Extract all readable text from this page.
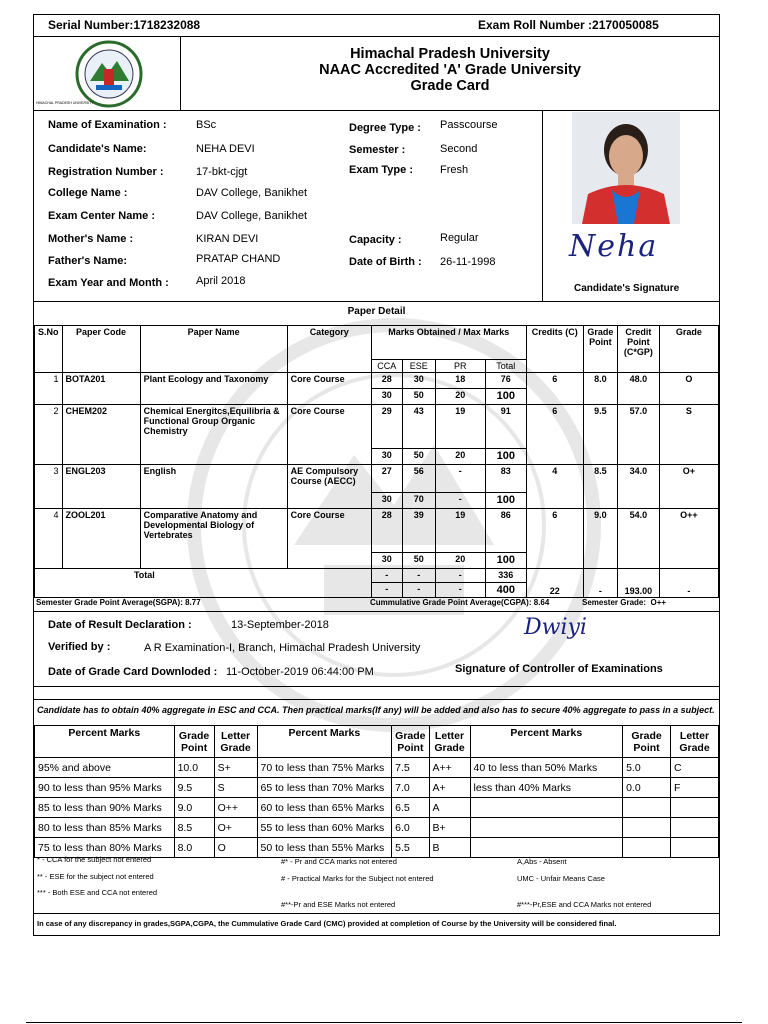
Serial Number:1718232088	Exam Roll Number :2170050085
HIMACHAL PRADESH UNIVERSITY
Himachal Pradesh University
NAAC Accredited 'A' Grade University
Grade Card
Name of Examination :	BSc
Candidate's Name:	NEHA DEVI
Registration Number :	17-bkt-cjgt
College Name :	DAV College, Banikhet
Exam Center Name :	DAV College, Banikhet
Mother's Name :	KIRAN DEVI
Father's Name:	PRATAP CHAND
Exam Year and Month : April 2018
Degree Type : Passcourse
Semester :	Second
Exam Type : Fresh
Capacity :	Regular
Date of Birth : 26-11-1998 Neha
Candidate's Signature
Paper Detail
S.No	Paper Code	Paper Name	Category	Marks Obtained / Max Marks				Credits (C)	Grade Point	Credit Point (C*GP)	Grade
				CCA	ESE	PR	Total				
1	BOTA201	Plant Ecology and Taxonomy	Core Course	28	30	18	76	6	8.0	48.0	O
				30	50	20	100				
2	CHEM202	Chemical Energitcs,Equilibria & Functional Group Organic Chemistry	Core Course	29	43	19	91	6	9.5	57.0	S
				30	50	20	100				
3	ENGL203	English	AE Compulsory Course (AECC)	27	56	-	83	4	8.5	34.0	O+
				30	70	-	100				
4	ZOOL201	Comparative Anatomy and Developmental Biology of Vertebrates	Core Course	28	39	19	86	6	9.0	54.0	O++
				30	50	20	100				
Total				-	-	-	336	22	-	193.00	-
				-	-	-	400				
Semester Grade Point Average(SGPA): 8.77	Cummulative Grade Point Average(CGPA): 8.64	Semester Grade: O++
Date of Result Declaration :	13-September-2018
Verified by :	A R Examination-I, Branch, Himachal Pradesh University
Date of Grade Card Downloded : 11-October-2019 06:44:00 PM
Dwiyi
Signature of Controller of Examinations
Candidate has to obtain 40% aggregate in ESC and CCA. Then practical marks(If any) will be added and also has to secure 40% aggregate to pass in a subject.
Percent Marks	Grade Point	Letter Grade	Percent Marks	Grade Point	Letter Grade	Percent Marks	Grade Point	Letter Grade
95% and above	10.0	S+	70 to less than 75% Marks	7.5	A++	40 to less than 50% Marks	5.0	C
90 to less than 95% Marks	9.5	S	65 to less than 70% Marks	7.0	A+	less than 40% Marks	0.0	F
85 to less than 90% Marks	9.0	O++	60 to less than 65% Marks	6.5	A			
80 to less than 85% Marks	8.5	O+	55 to less than 60% Marks	6.0	B+			
75 to less than 80% Marks	8.0	O	50 to less than 55% Marks	5.5	B			
* - CCA for the subject not entered
** - ESE for the subject not entered
*** - Both ESE and CCA not entered
#* - Pr and CCA marks not entered
# - Practical Marks for the Subject not entered
#**-Pr and ESE Marks not entered
A,Abs - Absent
UMC - Unfair Means Case
#***-Pr,ESE and CCA Marks not entered
In case of any discrepancy in grades,SGPA,CGPA, the Cummulative Grade Card (CMC) provided at completion of Course by the University will be considered final.
